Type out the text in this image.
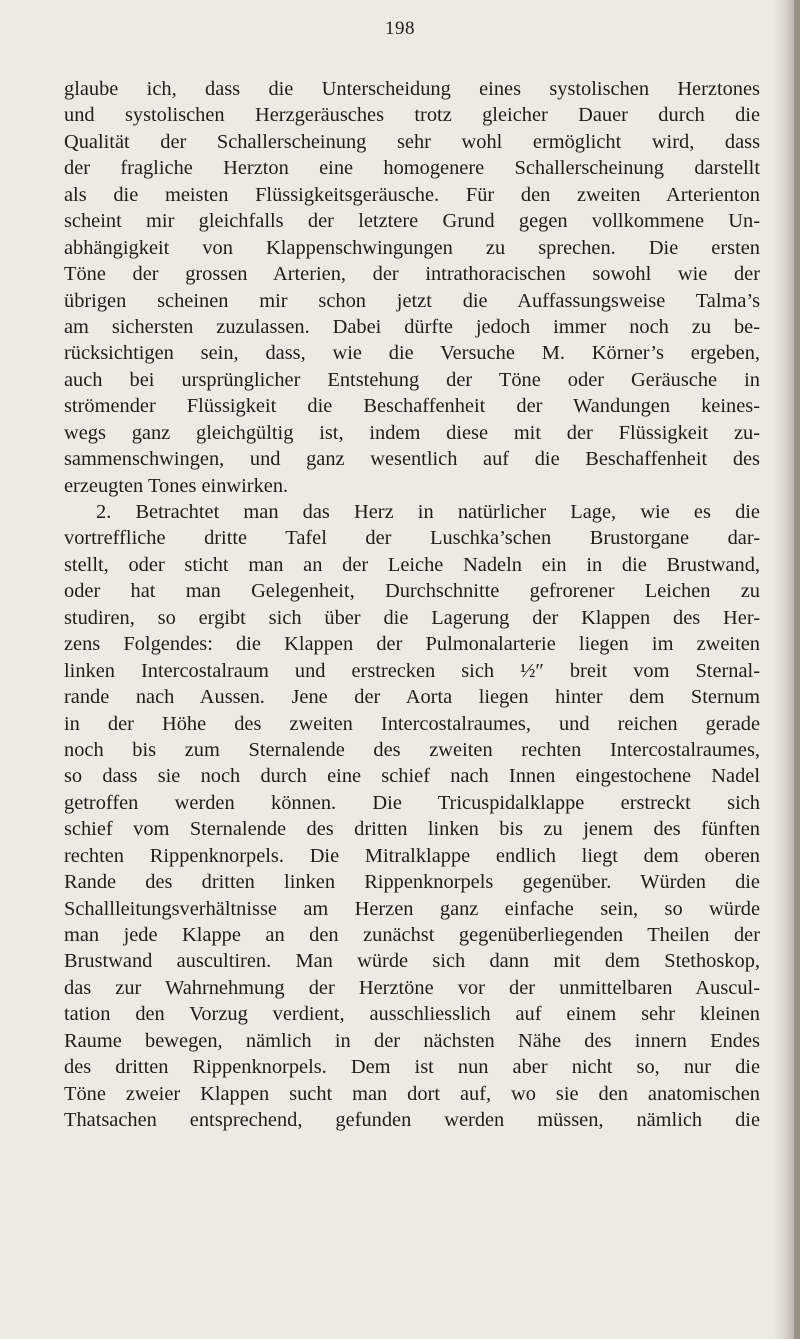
198
glaube ich, dass die Unterscheidung eines systolischen Herztones
und systolischen Herzgeräusches trotz gleicher Dauer durch die
Qualität der Schallerscheinung sehr wohl ermöglicht wird, dass
der fragliche Herzton eine homogenere Schallerscheinung darstellt
als die meisten Flüssigkeitsgeräusche. Für den zweiten Arterienton
scheint mir gleichfalls der letztere Grund gegen vollkommene Un-
abhängigkeit von Klappenschwingungen zu sprechen. Die ersten
Töne der grossen Arterien, der intrathoracischen sowohl wie der
übrigen scheinen mir schon jetzt die Auffassungsweise Talma’s
am sichersten zuzulassen. Dabei dürfte jedoch immer noch zu be-
rücksichtigen sein, dass, wie die Versuche M. Körner’s ergeben,
auch bei ursprünglicher Entstehung der Töne oder Geräusche in
strömender Flüssigkeit die Beschaffenheit der Wandungen keines-
wegs ganz gleichgültig ist, indem diese mit der Flüssigkeit zu-
sammenschwingen, und ganz wesentlich auf die Beschaffenheit des
erzeugten Tones einwirken.
2. Betrachtet man das Herz in natürlicher Lage, wie es die
vortreffliche dritte Tafel der Luschka’schen Brustorgane dar-
stellt, oder sticht man an der Leiche Nadeln ein in die Brustwand,
oder hat man Gelegenheit, Durchschnitte gefrorener Leichen zu
studiren, so ergibt sich über die Lagerung der Klappen des Her-
zens Folgendes: die Klappen der Pulmonalarterie liegen im zweiten
linken Intercostalraum und erstrecken sich ½″ breit vom Sternal-
rande nach Aussen. Jene der Aorta liegen hinter dem Sternum
in der Höhe des zweiten Intercostalraumes, und reichen gerade
noch bis zum Sternalende des zweiten rechten Intercostalraumes,
so dass sie noch durch eine schief nach Innen eingestochene Nadel
getroffen werden können. Die Tricuspidalklappe erstreckt sich
schief vom Sternalende des dritten linken bis zu jenem des fünften
rechten Rippenknorpels. Die Mitralklappe endlich liegt dem oberen
Rande des dritten linken Rippenknorpels gegenüber. Würden die
Schallleitungsverhältnisse am Herzen ganz einfache sein, so würde
man jede Klappe an den zunächst gegenüberliegenden Theilen der
Brustwand auscultiren. Man würde sich dann mit dem Stethoskop,
das zur Wahrnehmung der Herztöne vor der unmittelbaren Auscul-
tation den Vorzug verdient, ausschliesslich auf einem sehr kleinen
Raume bewegen, nämlich in der nächsten Nähe des innern Endes
des dritten Rippenknorpels. Dem ist nun aber nicht so, nur die
Töne zweier Klappen sucht man dort auf, wo sie den anatomischen
Thatsachen entsprechend, gefunden werden müssen, nämlich die
